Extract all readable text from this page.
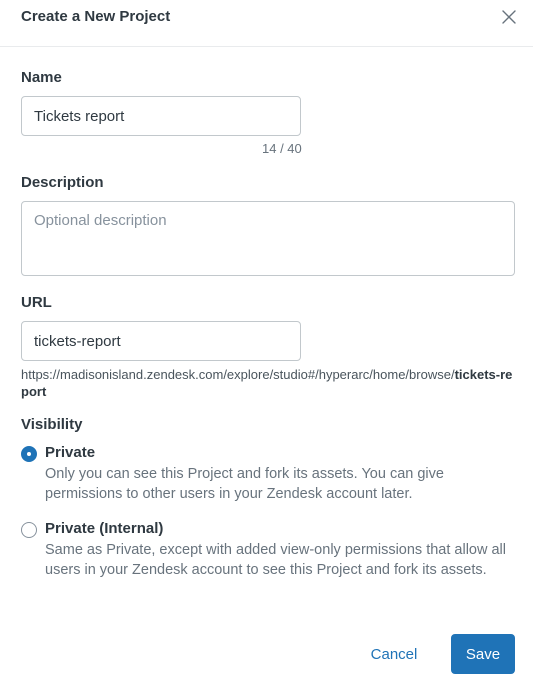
Create a New Project
Name
Tickets report
14 / 40
Description
Optional description
URL
tickets-report
https://madisonisland.zendesk.com/explore/studio#/hyperarc/home/browse/tickets-report
Visibility
Private
Only you can see this Project and fork its assets. You can give permissions to other users in your Zendesk account later.
Private (Internal)
Same as Private, except with added view-only permissions that allow all users in your Zendesk account to see this Project and fork its assets.
Cancel	Save
